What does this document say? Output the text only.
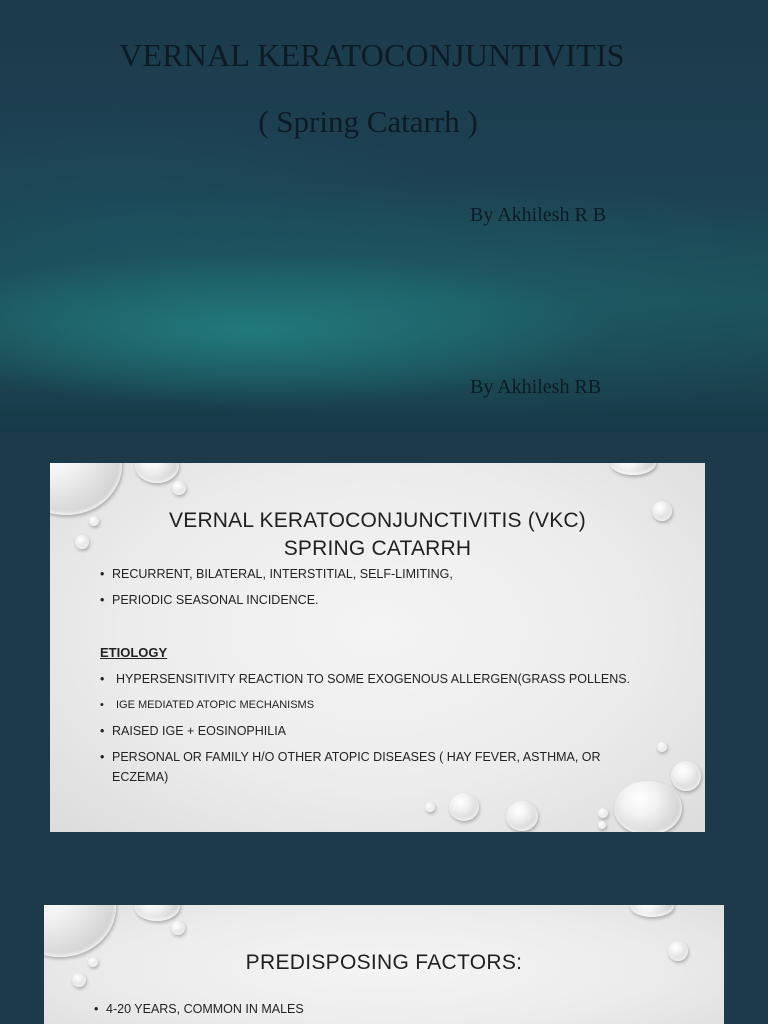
VERNAL KERATOCONJUNTIVITIS
( Spring Catarrh )
By Akhilesh R B
By Akhilesh RB
VERNAL KERATOCONJUNCTIVITIS (VKC)
SPRING CATARRH
• RECURRENT, BILATERAL, INTERSTITIAL, SELF-LIMITING,
• PERIODIC SEASONAL INCIDENCE.
ETIOLOGY
• HYPERSENSITIVITY REACTION TO SOME EXOGENOUS ALLERGEN(GRASS POLLENS.
• IGE MEDIATED ATOPIC MECHANISMS
• RAISED IGE + EOSINOPHILIA
• PERSONAL OR FAMILY H/O OTHER ATOPIC DISEASES ( HAY FEVER, ASTHMA, OR
ECZEMA)
PREDISPOSING FACTORS:
• 4-20 YEARS, COMMON IN MALES
